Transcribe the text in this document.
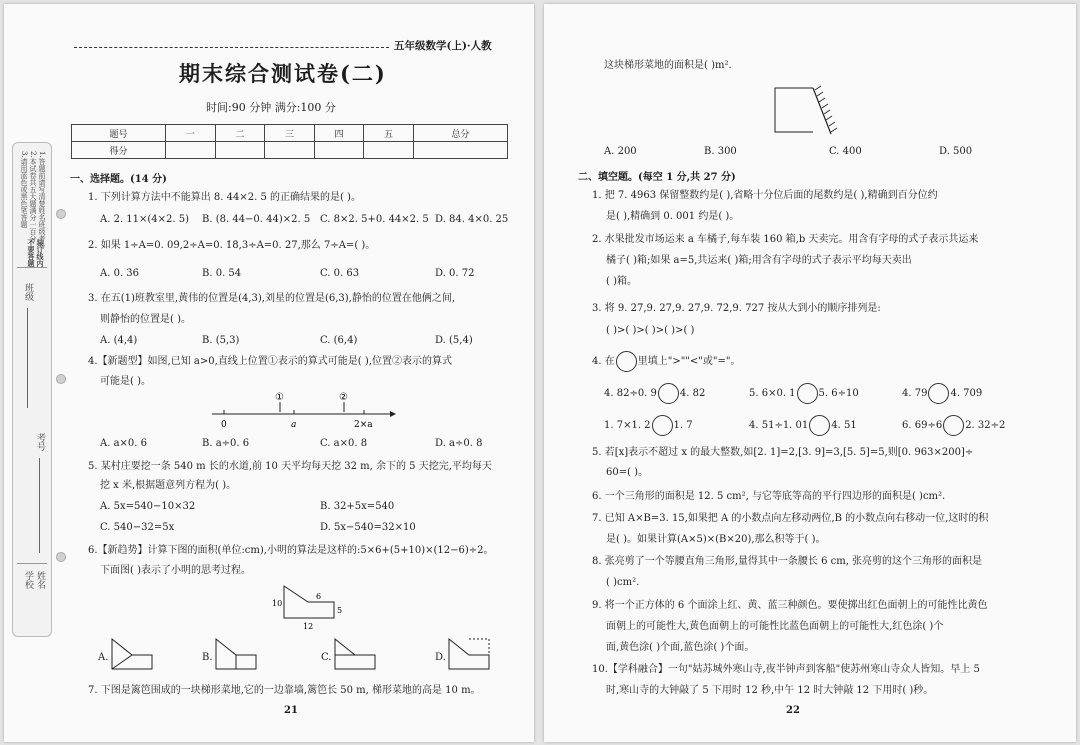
1.答题前请写清楚姓名班级考号
2.本试卷共五大题满分一百分
3.请用蓝色或黑色笔答题
装订线内不要答题
班级
考号
学校 姓名
五年级数学(上)·人教
期末综合测试卷(二)
时间:90 分钟 满分:100 分
题号	一	二	三	四	五	总分
得分						
一、选择题。(14 分)
1. 下列计算方法中不能算出 8. 44×2. 5 的正确结果的是( )。
A. 2. 11×(4×2. 5) B. (8. 44−0. 44)×2. 5 C. 8×2. 5+0. 44×2. 5 D. 84. 4×0. 25
2. 如果 1÷A=0. 09̇,2÷A=0. 1̇8̇,3÷A=0. 2̇7̇,那么 7÷A=( )。
A. 0. 3̇6̇	B. 0. 5̇4̇	C. 0. 6̇3̇	D. 0. 7̇2̇
3. 在五(1)班教室里,黄伟的位置是(4,3),刘星的位置是(6,3),静怡的位置在他俩之间,
则静怡的位置是( )。
A. (4,4)	B. (5,3)	C. (6,4)	D. (5,4)
4.【新题型】如图,已知 a>0,直线上位置①表示的算式可能是( ),位置②表示的算式
可能是( )。
0	a	2×a
①	②
A. a×0. 6	B. a÷0. 6	C. a×0. 8	D. a÷0. 8
5. 某村庄要挖一条 540 m 长的水道,前 10 天平均每天挖 32 m, 余下的 5 天挖完,平均每天
挖 x 米,根据题意列方程为( )。
A. 5x=540−10×32	B. 32+5x=540
C. 540−32=5x	D. 5x−540=32×10
6.【新趋势】计算下图的面积(单位:cm),小明的算法是这样的:5×6+(5+10)×(12−6)÷2。
下面图( )表示了小明的思考过程。
10
6
5
12
A.	B.	C.	D.
7. 下图是篱笆围成的一块梯形菜地,它的一边靠墙,篱笆长 50 m, 梯形菜地的高是 10 m。
21
这块梯形菜地的面积是( )m².
A. 200	B. 300	C. 400	D. 500
二、填空题。(每空 1 分,共 27 分)
1. 把 7. 4963 保留整数约是( ),省略十分位后面的尾数约是( ),精确到百分位约
是( ),精确到 0. 001 约是( )。
2. 水果批发市场运来 a 车橘子,每车装 160 箱,b 天卖完。用含有字母的式子表示共运来
橘子( )箱;如果 a=5,共运来( )箱;用含有字母的式子表示平均每天卖出
( )箱。
3. 将 9. 2̇7̇,9. 27,9. 27̇,9. 7̇2̇,9. 7̇27̇ 按从大到小的顺序排列是:
( )>( )>( )>( )>( )
4. 在 里填上">""<"或"="。
4. 82÷0. 9 4. 82	5. 6×0. 1 5. 6÷10	4. 79 4. 7̇09̇
1. 7×1. 2 1. 7	4. 51÷1. 01 4. 51	6. 69÷6 2. 32÷2
5. 若[x]表示不超过 x 的最大整数,如[2. 1]=2,[3. 9]=3,[5. 5]=5,则[0. 963×200]÷
60=( )。
6. 一个三角形的面积是 12. 5 cm², 与它等底等高的平行四边形的面积是( )cm².
7. 已知 A×B=3. 15,如果把 A 的小数点向左移动两位,B 的小数点向右移动一位,这时的积
是( )。如果计算(A×5)×(B×20),那么积等于( )。
8. 张亮剪了一个等腰直角三角形,量得其中一条腰长 6 cm, 张亮剪的这个三角形的面积是
( )cm².
9. 将一个正方体的 6 个面涂上红、黄、蓝三种颜色。要使掷出红色面朝上的可能性比黄色
面朝上的可能性大,黄色面朝上的可能性比蓝色面朝上的可能性大,红色涂( )个
面,黄色涂( )个面,蓝色涂( )个面。
10.【学科融合】一句"姑苏城外寒山寺,夜半钟声到客船"使苏州寒山寺众人皆知。早上 5
时,寒山寺的大钟敲了 5 下用时 12 秒,中午 12 时大钟敲 12 下用时( )秒。
22
